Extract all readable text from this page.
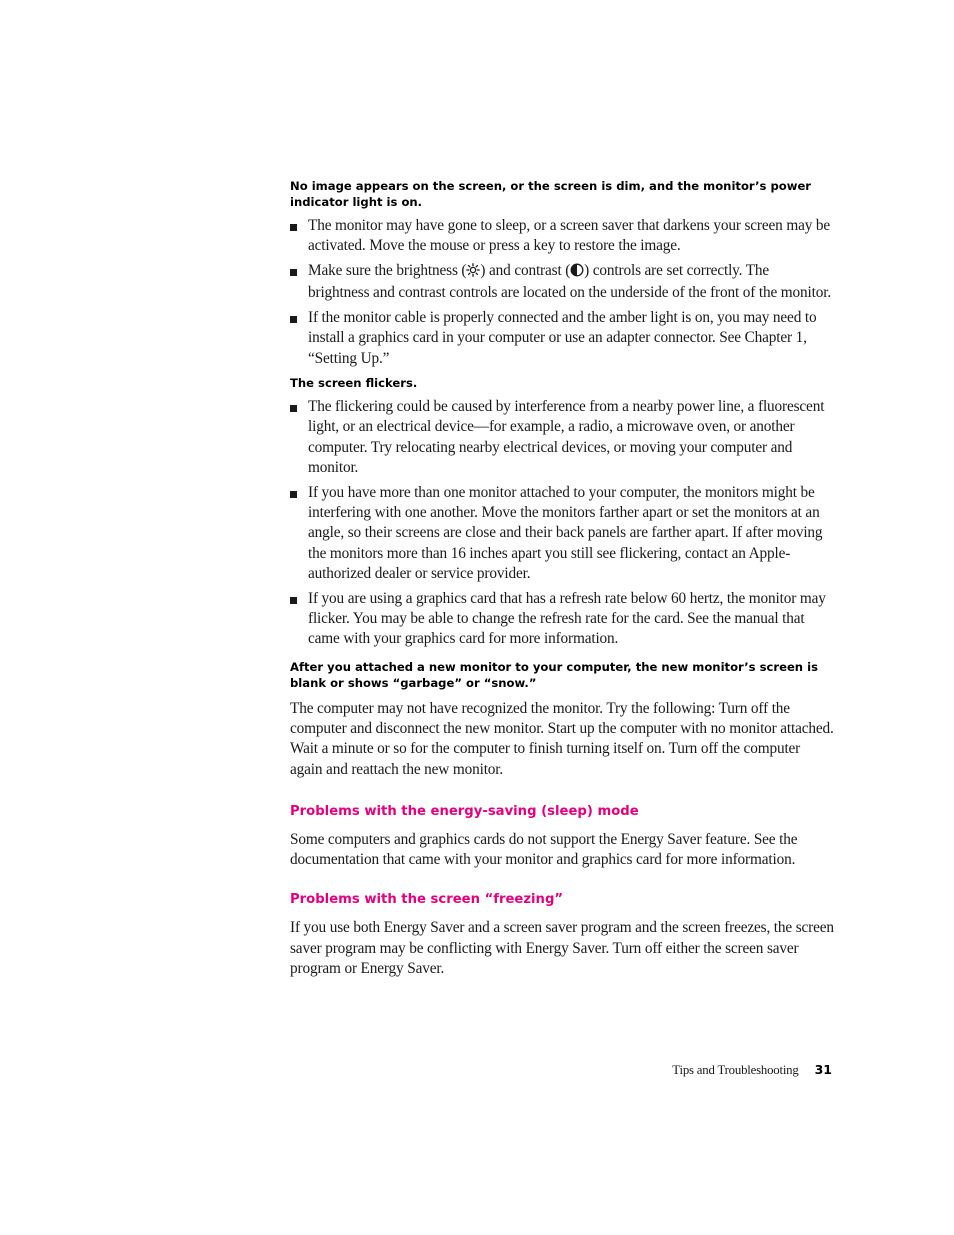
No image appears on the screen, or the screen is dim, and the monitor’s power indicator light is on.

The monitor may have gone to sleep, or a screen saver that darkens your screen may be activated. Move the mouse or press a key to restore the image.
Make sure the brightness ( ) and contrast ( ) controls are set correctly. The brightness and contrast controls are located on the underside of the front of the monitor.
If the monitor cable is properly connected and the amber light is on, you may need to install a graphics card in your computer or use an adapter connector. See Chapter 1, “Setting Up.”

The screen flickers.

The flickering could be caused by interference from a nearby power line, a fluorescent light, or an electrical device—for example, a radio, a microwave oven, or another computer. Try relocating nearby electrical devices, or moving your computer and monitor.
If you have more than one monitor attached to your computer, the monitors might be interfering with one another. Move the monitors farther apart or set the monitors at an angle, so their screens are close and their back panels are farther apart. If after moving the monitors more than 16 inches apart you still see flickering, contact an Apple-authorized dealer or service provider.
If you are using a graphics card that has a refresh rate below 60 hertz, the monitor may flicker. You may be able to change the refresh rate for the card. See the manual that came with your graphics card for more information.

After you attached a new monitor to your computer, the new monitor’s screen is blank or shows “garbage” or “snow.”

The computer may not have recognized the monitor. Try the following: Turn off the computer and disconnect the new monitor. Start up the computer with no monitor attached. Wait a minute or so for the computer to finish turning itself on. Turn off the computer again and reattach the new monitor.

Problems with the energy-saving (sleep) mode

Some computers and graphics cards do not support the Energy Saver feature. See the documentation that came with your monitor and graphics card for more information.

Problems with the screen “freezing”

If you use both Energy Saver and a screen saver program and the screen freezes, the screen saver program may be conflicting with Energy Saver. Turn off either the screen saver program or Energy Saver.

Tips and Troubleshooting 31
